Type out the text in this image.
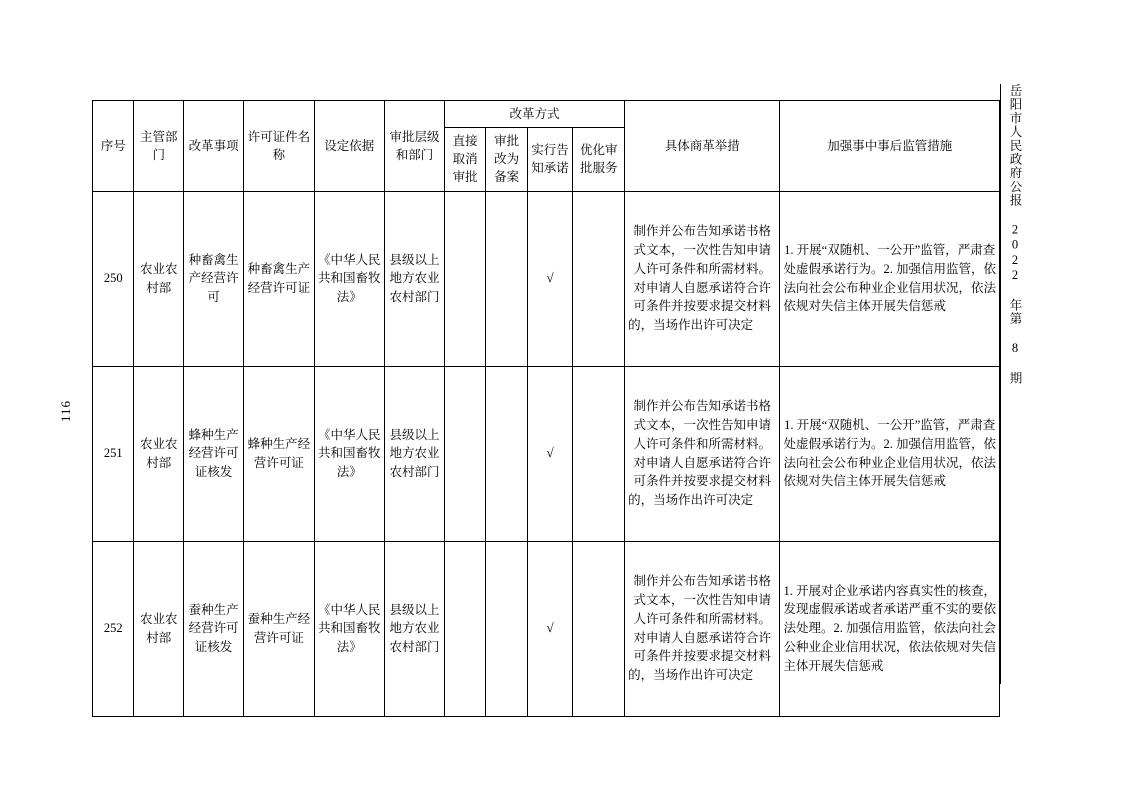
岳阳市人民政府公报 2022 年第 8 期
116
序号	主管部门	改革事项	许可证件名称	设定依据	审批层级和部门	改革方式				具体商革举措	加强事中事后监管措施
						直接取消审批	审批改为备案	实行告知承诺	优化审批服务		
250	农业农村部	种畜禽生产经营许可	种畜禽生产经营许可证	《中华人民共和国畜牧法》	县级以上地方农业农村部门			√		制作并公布告知承诺书格式文本，一次性告知申请人许可条件和所需材料。对申请人自愿承诺符合许可条件并按要求提交材料的，当场作出许可决定	1. 开展“双随机、一公开”监管，严肃查处虚假承诺行为。2. 加强信用监管，依法向社会公布种业企业信用状况，依法依规对失信主体开展失信惩戒
251	农业农村部	蜂种生产经营许可证核发	蜂种生产经营许可证	《中华人民共和国畜牧法》	县级以上地方农业农村部门			√		制作并公布告知承诺书格式文本，一次性告知申请人许可条件和所需材料。对申请人自愿承诺符合许可条件并按要求提交材料的，当场作出许可决定	1. 开展“双随机、一公开”监管，严肃查处虚假承诺行为。2. 加强信用监管，依法向社会公布种业企业信用状况，依法依规对失信主体开展失信惩戒
252	农业农村部	蚕种生产经营许可证核发	蚕种生产经营许可证	《中华人民共和国畜牧法》	县级以上地方农业农村部门			√		制作并公布告知承诺书格式文本，一次性告知申请人许可条件和所需材料。对申请人自愿承诺符合许可条件并按要求提交材料的，当场作出许可决定	1. 开展对企业承诺内容真实性的核查，发现虚假承诺或者承诺严重不实的要依法处理。2. 加强信用监管，依法向社会公种业企业信用状况，依法依规对失信主体开展失信惩戒
